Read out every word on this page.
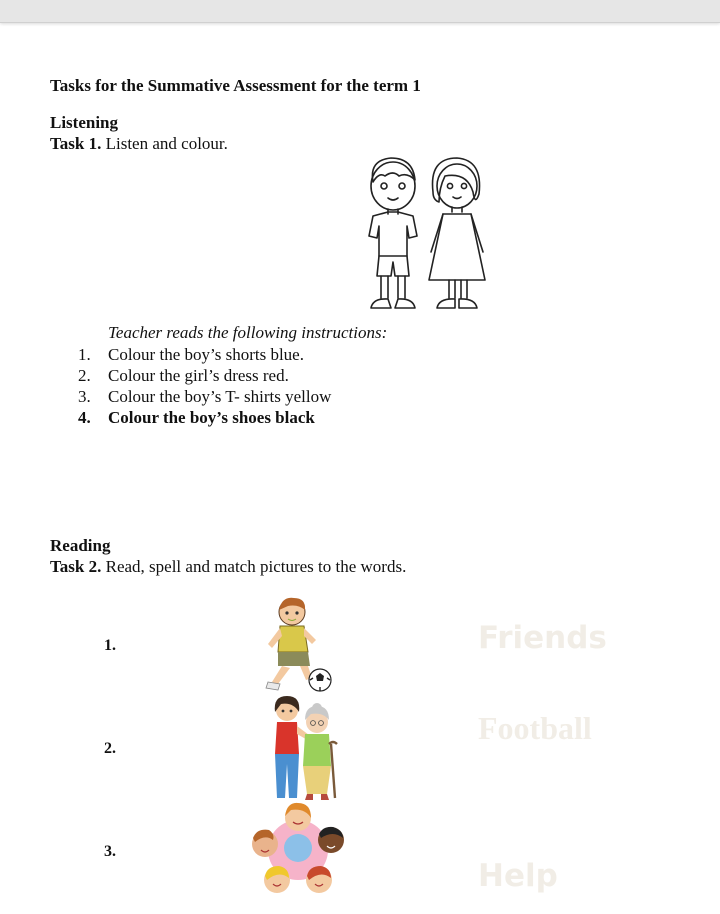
Tasks for the Summative Assessment for the term 1
Listening
Task 1. Listen and colour.
Teacher reads the following instructions:
1. Colour the boy’s shorts blue.
2. Colour the girl’s dress red.
3. Colour the boy’s T- shirts yellow
4. Colour the boy’s shoes black
Reading
Task 2. Read, spell and match pictures to the words.
1.
2.
3.
Friends
Football
Help
